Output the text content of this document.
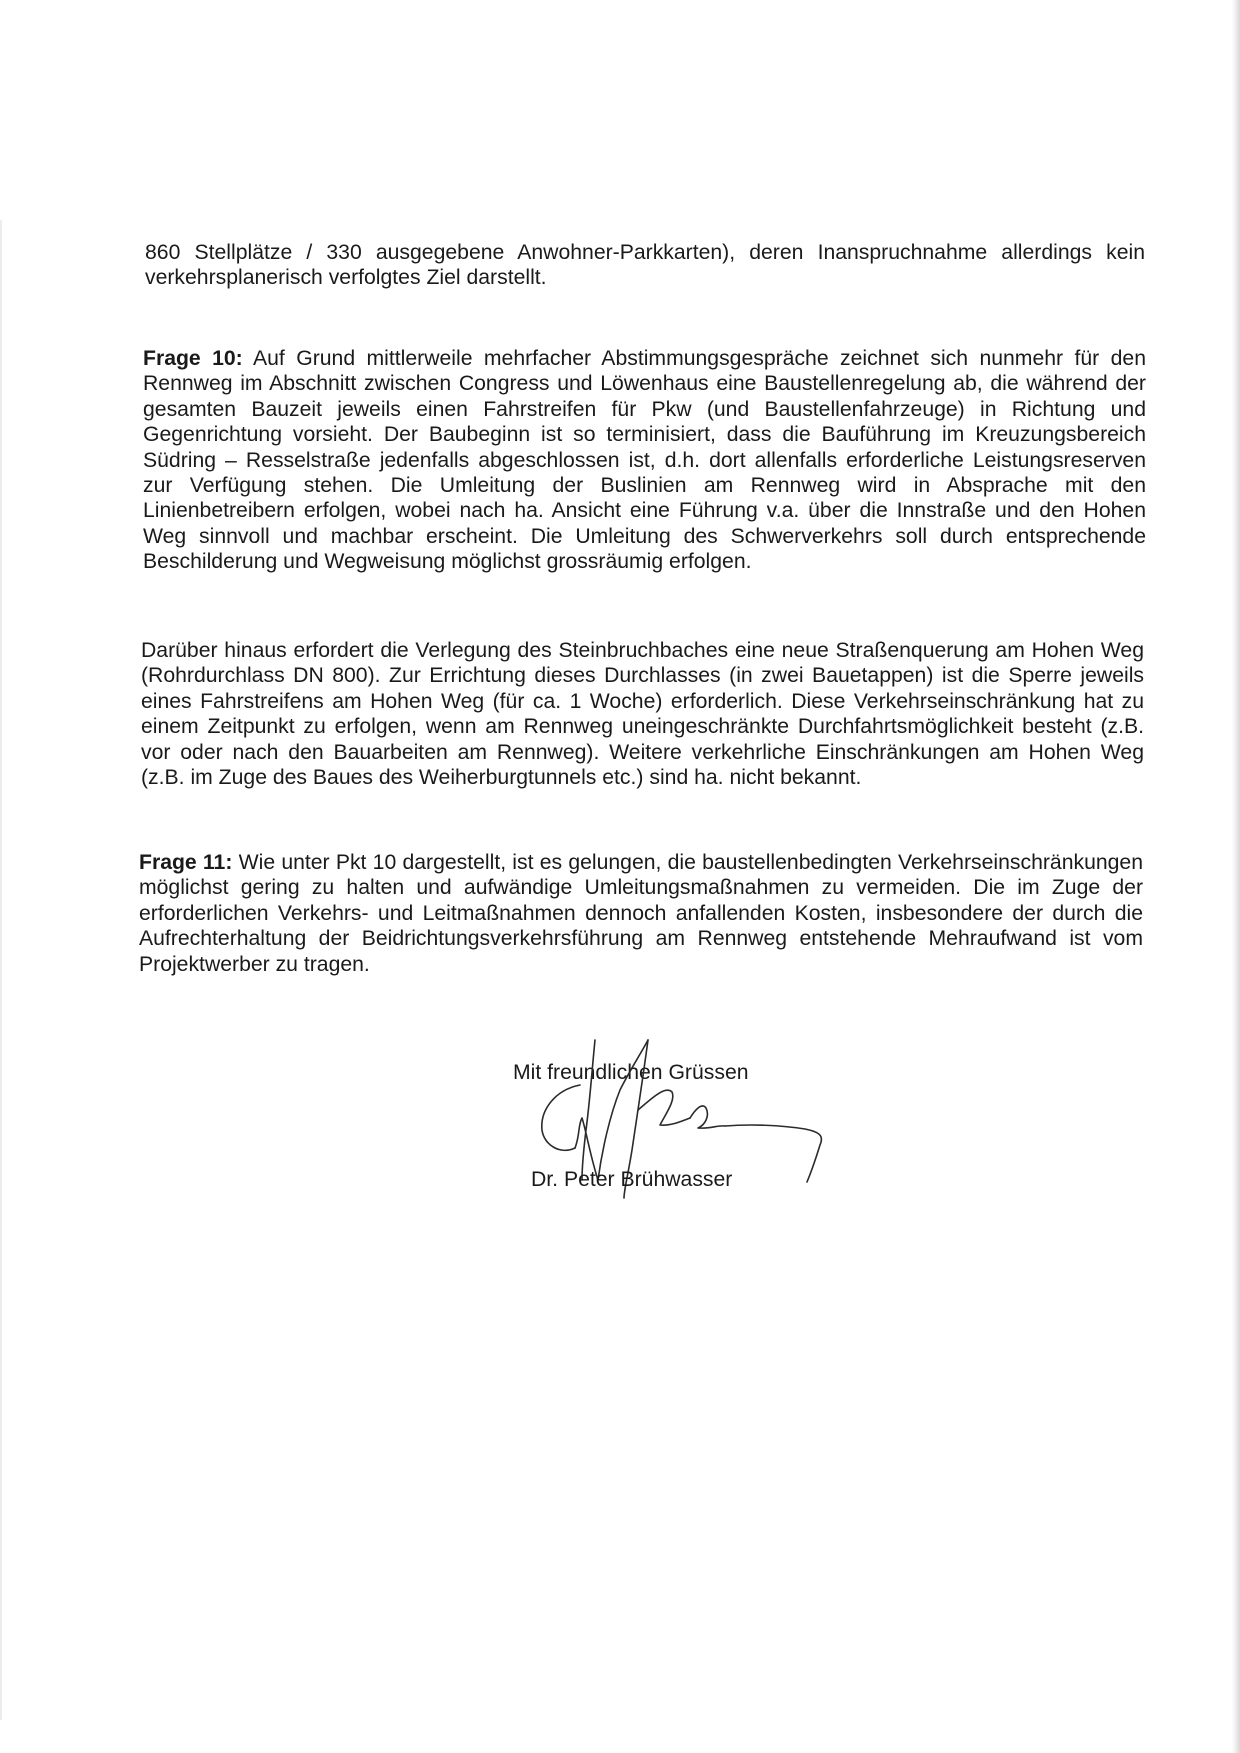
860 Stellplätze / 330 ausgegebene Anwohner-Parkkarten), deren Inanspruchnahme allerdings kein verkehrsplanerisch verfolgtes Ziel darstellt.

Frage 10: Auf Grund mittlerweile mehrfacher Abstimmungsgespräche zeichnet sich nunmehr für den Rennweg im Abschnitt zwischen Congress und Löwenhaus eine Baustellenregelung ab, die während der gesamten Bauzeit jeweils einen Fahrstreifen für Pkw (und Baustellenfahrzeuge) in Richtung und Gegenrichtung vorsieht. Der Baubeginn ist so terminisiert, dass die Bauführung im Kreuzungsbereich Südring – Resselstraße jedenfalls abgeschlossen ist, d.h. dort allenfalls erforderliche Leistungsreserven zur Verfügung stehen. Die Umleitung der Buslinien am Rennweg wird in Absprache mit den Linienbetreibern erfolgen, wobei nach ha. Ansicht eine Führung v.a. über die Innstraße und den Hohen Weg sinnvoll und machbar erscheint. Die Umleitung des Schwerverkehrs soll durch entsprechende Beschilderung und Wegweisung möglichst grossräumig erfolgen.

Darüber hinaus erfordert die Verlegung des Steinbruchbaches eine neue Straßenquerung am Hohen Weg (Rohrdurchlass DN 800). Zur Errichtung dieses Durchlasses (in zwei Bauetappen) ist die Sperre jeweils eines Fahrstreifens am Hohen Weg (für ca. 1 Woche) erforderlich. Diese Verkehrseinschränkung hat zu einem Zeitpunkt zu erfolgen, wenn am Rennweg uneingeschränkte Durchfahrtsmöglichkeit besteht (z.B. vor oder nach den Bauarbeiten am Rennweg). Weitere verkehrliche Einschränkungen am Hohen Weg (z.B. im Zuge des Baues des Weiherburgtunnels etc.) sind ha. nicht bekannt.

Frage 11: Wie unter Pkt 10 dargestellt, ist es gelungen, die baustellenbedingten Verkehrseinschränkungen möglichst gering zu halten und aufwändige Umleitungsmaßnahmen zu vermeiden. Die im Zuge der erforderlichen Verkehrs- und Leitmaßnahmen dennoch anfallenden Kosten, insbesondere der durch die Aufrechterhaltung der Beidrichtungsverkehrsführung am Rennweg entstehende Mehraufwand ist vom Projektwerber zu tragen.

Mit freundlichen Grüssen
Dr. Peter Brühwasser
